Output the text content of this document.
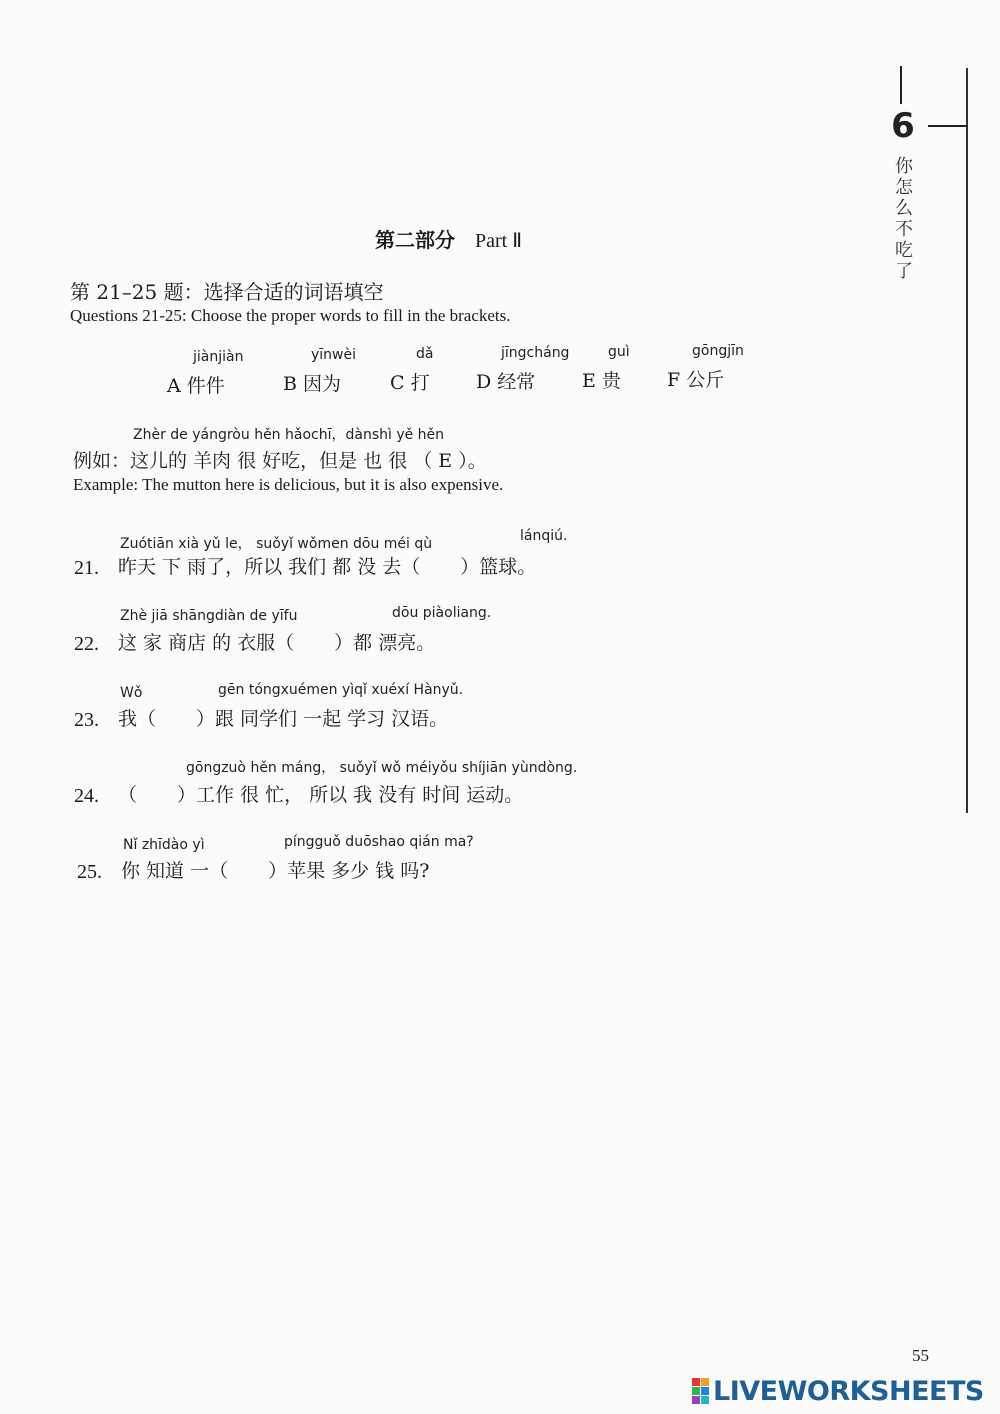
6
你怎么不吃了
第二部分 Part Ⅱ
第 21–25 题：选择合适的词语填空
Questions 21-25: Choose the proper words to fill in the brackets.
jiànjiàn
A 件件
yīnwèi
B 因为
dǎ
C 打
jīngcháng
D 经常
guì
E 贵
gōngjīn
F 公斤
Zhèr de yángròu hěn hǎochī，dànshì yě hěn
例如：这儿的 羊肉 很 好吃，但是 也 很 （ E ）。
Example: The mutton here is delicious, but it is also expensive.
Zuótiān xià yǔ le， suǒyǐ wǒmen dōu méi qù	lánqiú.
21. 昨天 下 雨了，所以 我们 都 没 去（ ）篮球。
Zhè jiā shāngdiàn de yīfu	dōu piàoliang.
22. 这 家 商店 的 衣服（ ）都 漂亮。
Wǒ	gēn tóngxuémen yìqǐ xuéxí Hànyǔ.
23. 我（ ）跟 同学们 一起 学习 汉语。
gōngzuò hěn máng， suǒyǐ wǒ méiyǒu shíjiān yùndòng.
24. （ ）工作 很 忙， 所以 我 没有 时间 运动。
Nǐ zhīdào yì	píngguǒ duōshao qián ma?
25. 你 知道 一（ ）苹果 多少 钱 吗?
55
LIVEWORKSHEETS
